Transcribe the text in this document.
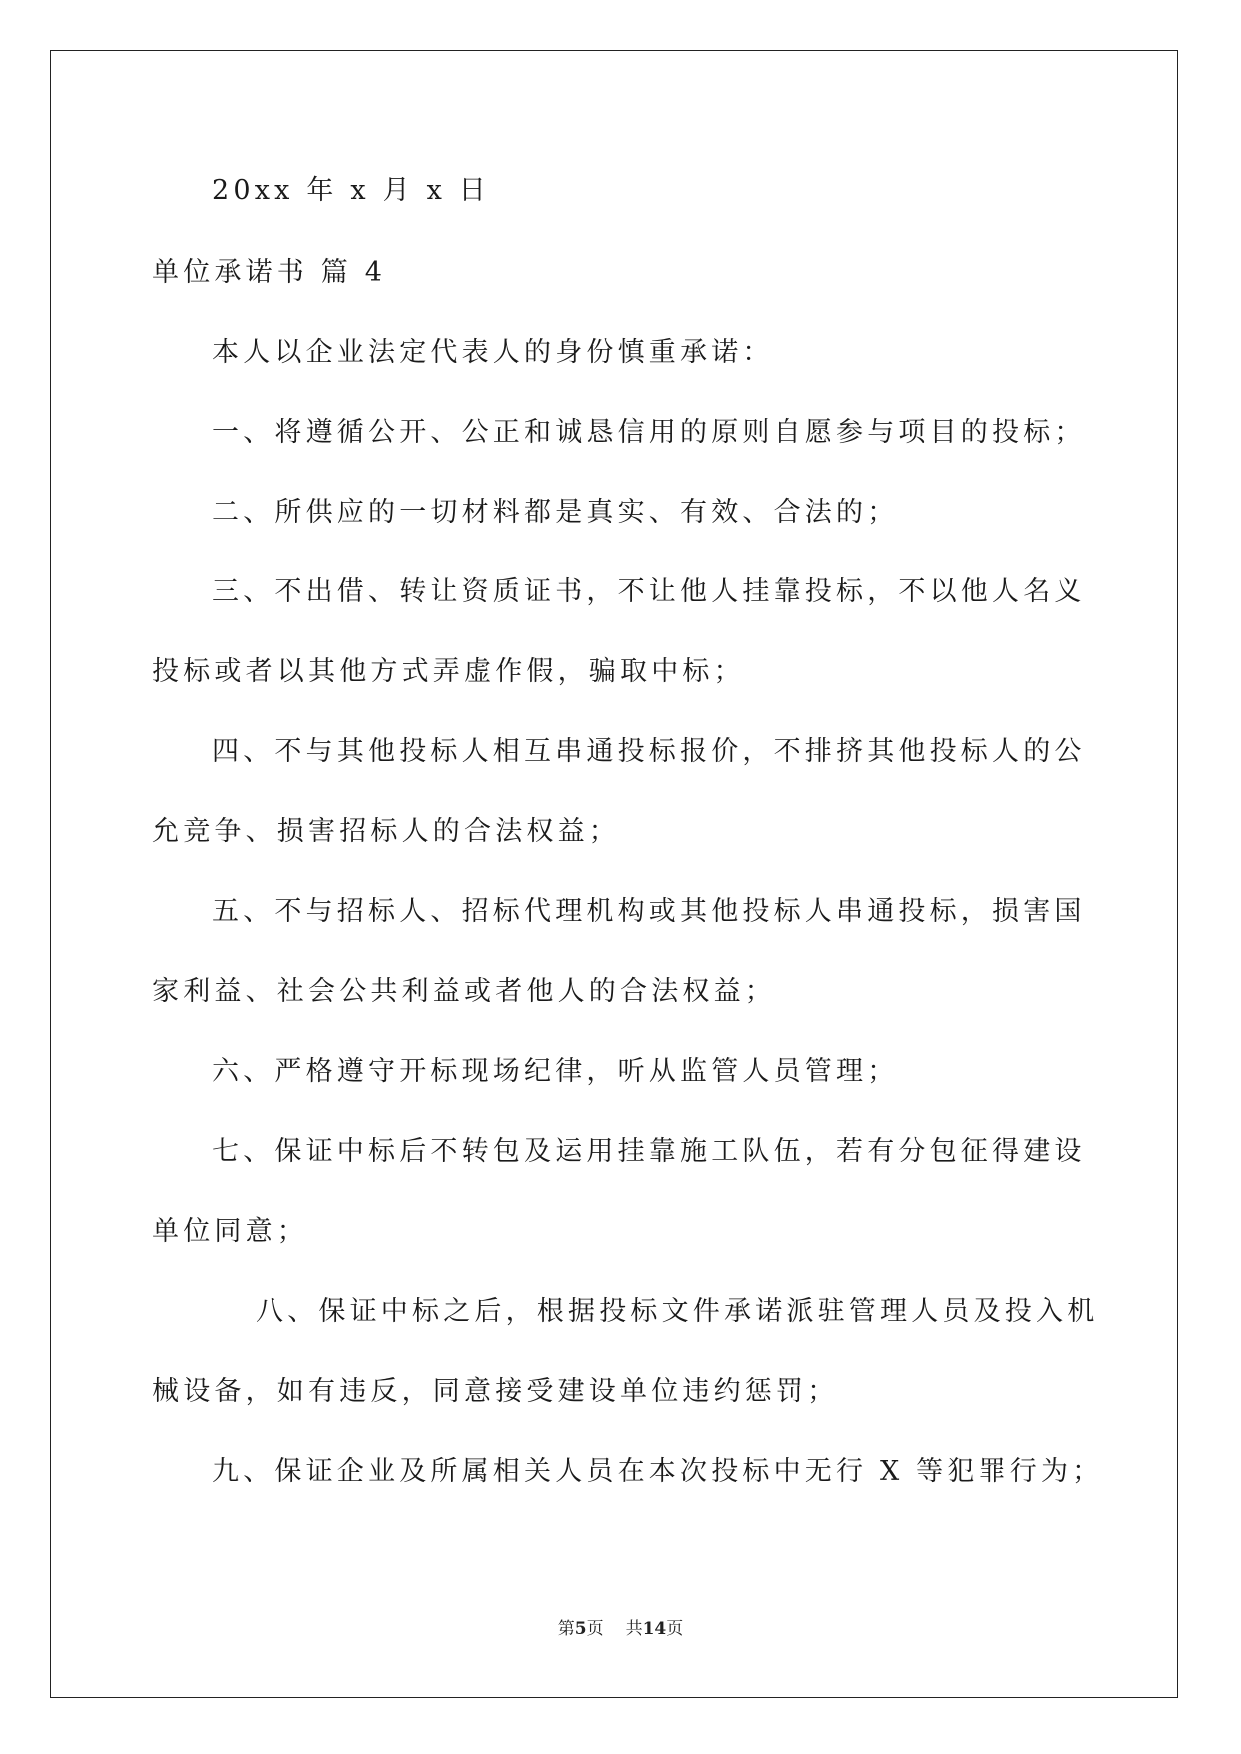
20xx 年 x 月 x 日
单位承诺书 篇 4
本人以企业法定代表人的身份慎重承诺：
一、将遵循公开、公正和诚恳信用的原则自愿参与项目的投标；
二、所供应的一切材料都是真实、有效、合法的；
三、不出借、转让资质证书，不让他人挂靠投标，不以他人名义
投标或者以其他方式弄虚作假，骗取中标；
四、不与其他投标人相互串通投标报价，不排挤其他投标人的公
允竞争、损害招标人的合法权益；
五、不与招标人、招标代理机构或其他投标人串通投标，损害国
家利益、社会公共利益或者他人的合法权益；
六、严格遵守开标现场纪律，听从监管人员管理；
七、保证中标后不转包及运用挂靠施工队伍，若有分包征得建设
单位同意；
八、保证中标之后，根据投标文件承诺派驻管理人员及投入机
械设备，如有违反，同意接受建设单位违约惩罚；
九、保证企业及所属相关人员在本次投标中无行 X 等犯罪行为；
第5页 共14页
